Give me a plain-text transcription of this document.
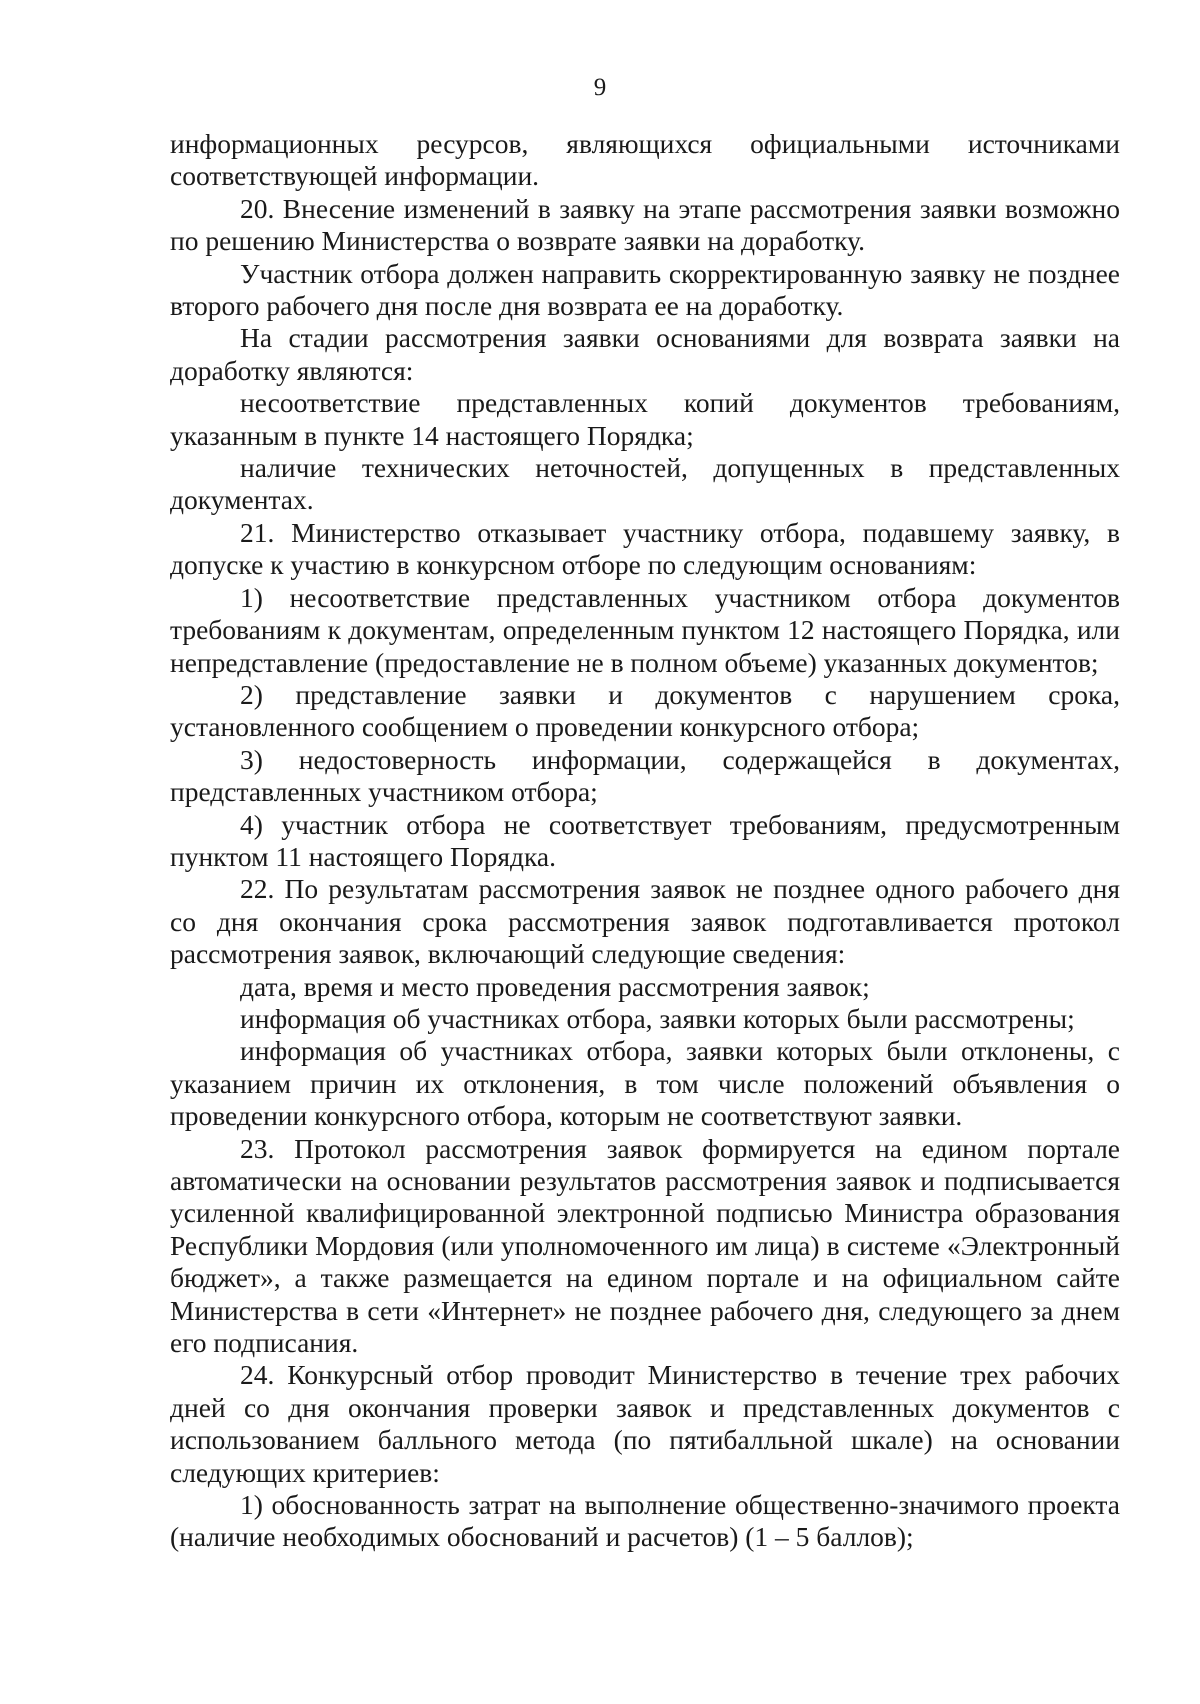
9

информационных ресурсов, являющихся официальными источниками соответствующей информации.

20. Внесение изменений в заявку на этапе рассмотрения заявки возможно по решению Министерства о возврате заявки на доработку.

Участник отбора должен направить скорректированную заявку не позднее второго рабочего дня после дня возврата ее на доработку.

На стадии рассмотрения заявки основаниями для возврата заявки на доработку являются:

несоответствие представленных копий документов требованиям, указанным в пункте 14 настоящего Порядка;

наличие технических неточностей, допущенных в представленных документах.

21. Министерство отказывает участнику отбора, подавшему заявку, в допуске к участию в конкурсном отборе по следующим основаниям:

1) несоответствие представленных участником отбора документов требованиям к документам, определенным пунктом 12 настоящего Порядка, или непредставление (предоставление не в полном объеме) указанных документов;

2) представление заявки и документов с нарушением срока, установленного сообщением о проведении конкурсного отбора;

3) недостоверность информации, содержащейся в документах, представленных участником отбора;

4) участник отбора не соответствует требованиям, предусмотренным пунктом 11 настоящего Порядка.

22. По результатам рассмотрения заявок не позднее одного рабочего дня со дня окончания срока рассмотрения заявок подготавливается протокол рассмотрения заявок, включающий следующие сведения:

дата, время и место проведения рассмотрения заявок;

информация об участниках отбора, заявки которых были рассмотрены;

информация об участниках отбора, заявки которых были отклонены, с указанием причин их отклонения, в том числе положений объявления о проведении конкурсного отбора, которым не соответствуют заявки.

23. Протокол рассмотрения заявок формируется на едином портале автоматически на основании результатов рассмотрения заявок и подписывается усиленной квалифицированной электронной подписью Министра образования Республики Мордовия (или уполномоченного им лица) в системе «Электронный бюджет», а также размещается на едином портале и на официальном сайте Министерства в сети «Интернет» не позднее рабочего дня, следующего за днем его подписания.

24. Конкурсный отбор проводит Министерство в течение трех рабочих дней со дня окончания проверки заявок и представленных документов с использованием балльного метода (по пятибалльной шкале) на основании следующих критериев:

1) обоснованность затрат на выполнение общественно-значимого проекта (наличие необходимых обоснований и расчетов) (1 – 5 баллов);
